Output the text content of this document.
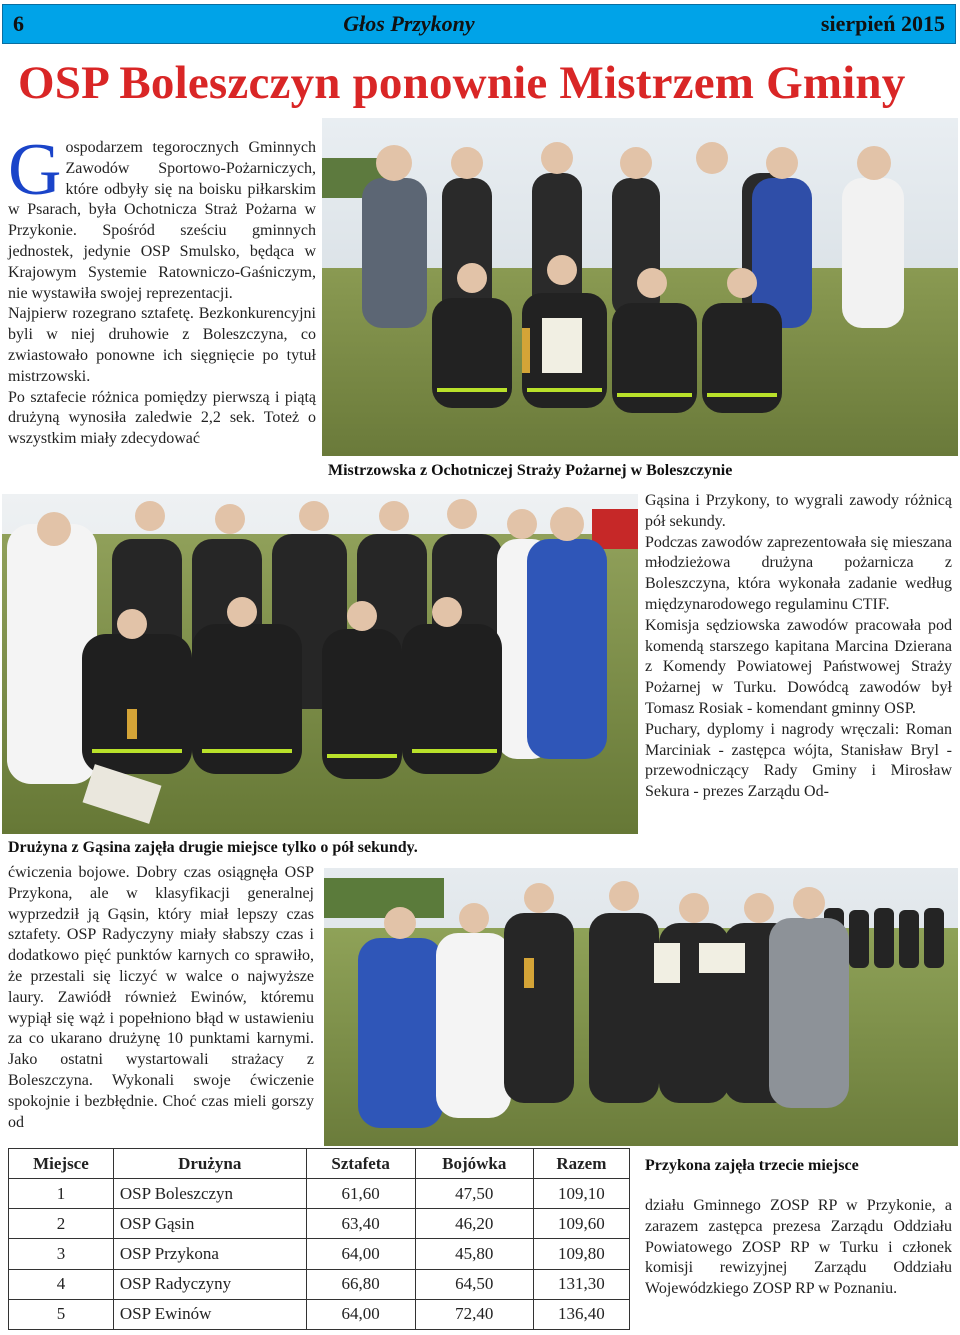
6	Głos Przykony	sierpień 2015
OSP Boleszczyn ponownie Mistrzem Gminy

Gospodarzem tegorocznych Gminnych Zawodów Sportowo-Pożarniczych, które odbyły się na boisku piłkarskim w Psarach, była Ochotnicza Straż Pożarna w Przykonie. Spośród sześciu gminnych jednostek, jedynie OSP Smulsko, będąca w Krajowym Systemie Ratowniczo-Gaśniczym, nie wystawiła swojej reprezentacji.

Najpierw rozegrano sztafetę. Bezkonkurencyjni byli w niej druhowie z Boleszczyna, co zwiastowało ponowne ich sięgnięcie po tytuł mistrzowski.

Po sztafecie różnica pomiędzy pierwszą i piątą drużyną wynosiła zaledwie 2,2 sek. Toteż o wszystkim miały zdecydować

Mistrzowska z Ochotniczej Straży Pożarnej w Boleszczynie

Gąsina i Przykony, to wygrali zawody różnicą pół sekundy.

Podczas zawodów zaprezentowała się mieszana młodzieżowa drużyna pożarnicza z Boleszczyna, która wykonała zadanie według międzynarodowego regulaminu CTIF.

Komisja sędziowska zawodów pracowała pod komendą starszego kapitana Marcina Dzierana z Komendy Powiatowej Państwowej Straży Pożarnej w Turku. Dowódcą zawodów był Tomasz Rosiak - komendant gminny OSP.

Puchary, dyplomy i nagrody wręczali: Roman Marciniak - zastępca wójta, Stanisław Bryl - przewodniczący Rady Gminy i Mirosław Sekura - prezes Zarządu Od-

Drużyna z Gąsina zajęła drugie miejsce tylko o pół sekundy.

ćwiczenia bojowe. Dobry czas osiągnęła OSP Przykona, ale w klasyfikacji generalnej wyprzedził ją Gąsin, który miał lepszy czas sztafety. OSP Radyczyny miały słabszy czas i dodatkowo pięć punktów karnych co sprawiło, że przestali się liczyć w walce o najwyższe laury. Zawiódł również Ewinów, któremu wypiął się wąż i popełniono błąd w ustawieniu za co ukarano drużynę 10 punktami karnymi. Jako ostatni wystartowali strażacy z Boleszczyna. Wykonali swoje ćwiczenie spokojnie i bezbłędnie. Choć czas mieli gorszy od

Przykona zajęła trzecie miejsce

działu Gminnego ZOSP RP w Przykonie, a zarazem zastępca prezesa Zarządu Oddziału Powiatowego ZOSP RP w Turku i członek komisji rewizyjnej Zarządu Oddziału Wojewódzkiego ZOSP RP w Poznaniu.

Miejsce	Drużyna	Sztafeta	Bojówka	Razem
1	OSP Boleszczyn	61,60	47,50	109,10
2	OSP Gąsin	63,40	46,20	109,60
3	OSP Przykona	64,00	45,80	109,80
4	OSP Radyczyny	66,80	64,50	131,30
5	OSP Ewinów	64,00	72,40	136,40
